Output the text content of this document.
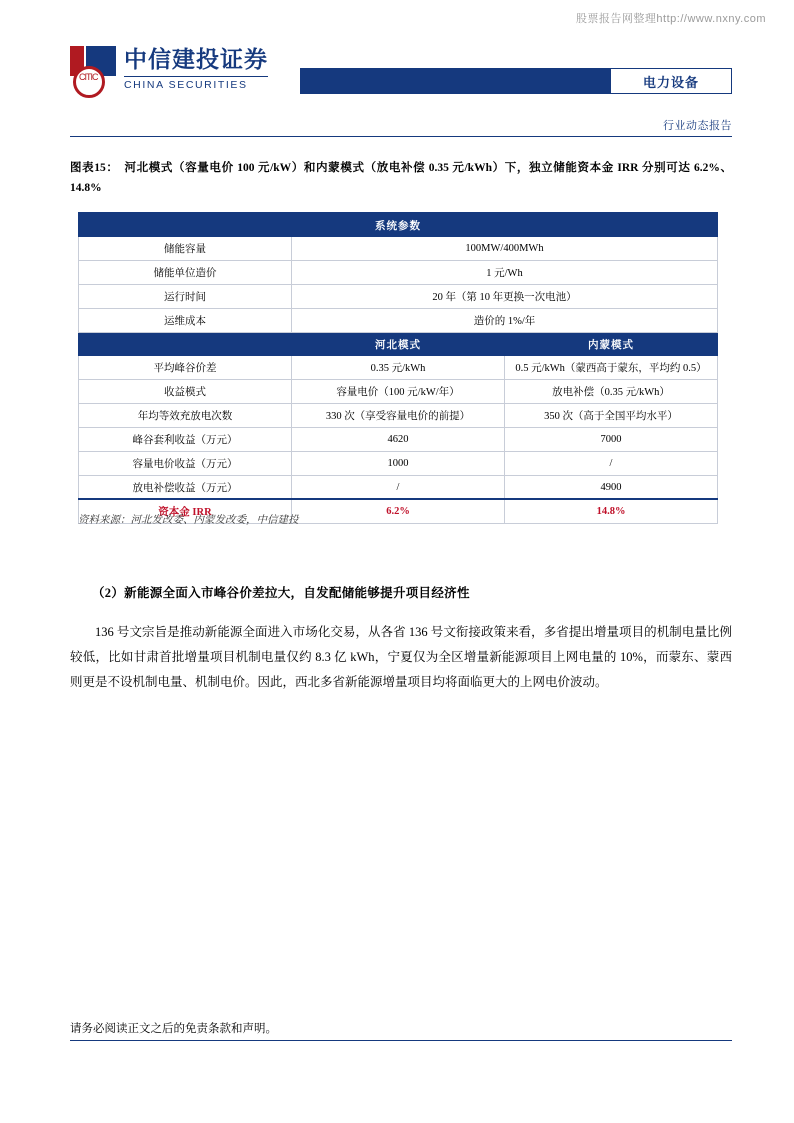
股票报告网整理http://www.nxny.com
CITIC
中信建投证券
CHINA SECURITIES	电力设备
行业动态报告
图表15： 河北模式（容量电价 100 元/kW）和内蒙模式（放电补偿 0.35 元/kWh）下，独立储能资本金 IRR 分别可达 6.2%、14.8%
系统参数		
储能容量	100MW/400MWh	
储能单位造价	1 元/Wh	
运行时间	20 年（第 10 年更换一次电池）	
运维成本	造价的 1%/年	
	河北模式	内蒙模式
平均峰谷价差	0.35 元/kWh	0.5 元/kWh（蒙西高于蒙东，平均约 0.5）
收益模式	容量电价（100 元/kW/年）	放电补偿（0.35 元/kWh）
年均等效充放电次数	330 次（享受容量电价的前提）	350 次（高于全国平均水平）
峰谷套利收益（万元）	4620	7000
容量电价收益（万元）	1000	/
放电补偿收益（万元）	/	4900
资本金 IRR	6.2%	14.8%
资料来源：河北发改委、内蒙发改委，中信建投
（2）新能源全面入市峰谷价差拉大，自发配储能够提升项目经济性
136 号文宗旨是推动新能源全面进入市场化交易，从各省 136 号文衔接政策来看，多省提出增量项目的机制电量比例较低，比如甘肃首批增量项目机制电量仅约 8.3 亿 kWh，宁夏仅为全区增量新能源项目上网电量的 10%，而蒙东、蒙西则更是不设机制电量、机制电价。因此，西北多省新能源增量项目均将面临更大的上网电价波动。
请务必阅读正文之后的免责条款和声明。
